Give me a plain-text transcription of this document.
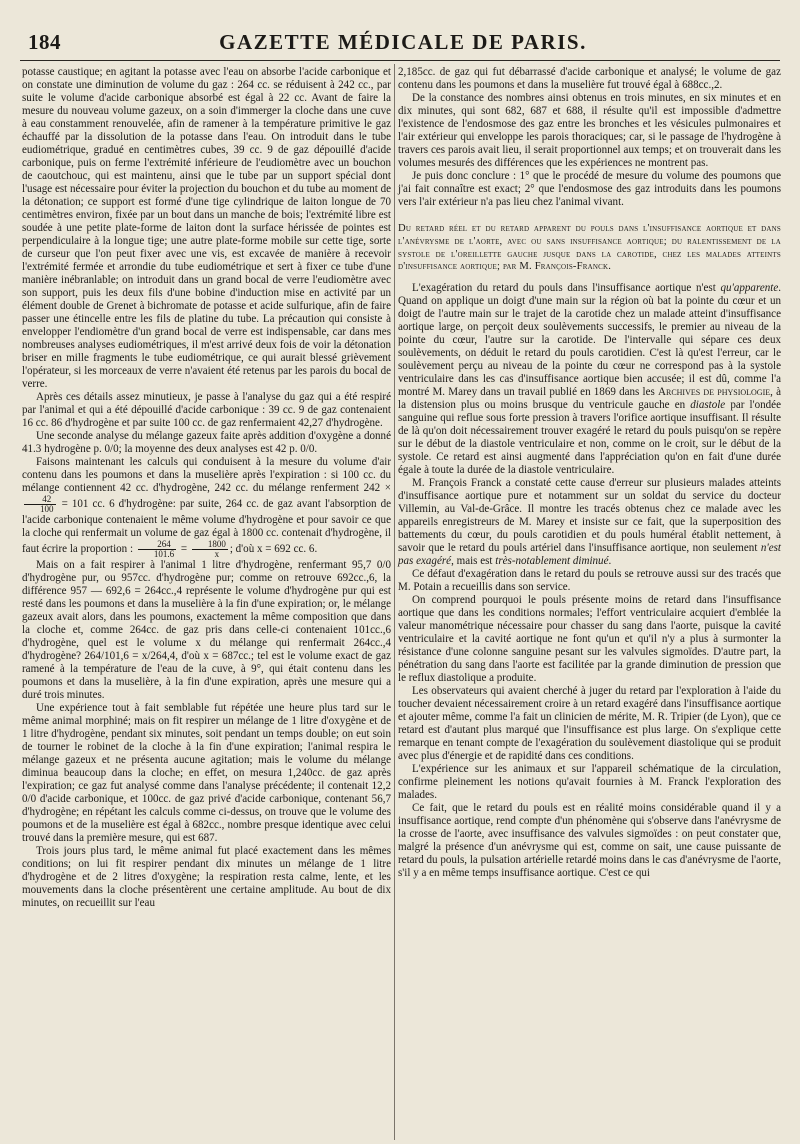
184	GAZETTE MÉDICALE DE PARIS.

potasse caustique; en agitant la potasse avec l'eau on absorbe l'acide carbonique et on constate une diminution de volume du gaz : 264 cc. se réduisent à 242 cc., par suite le volume d'acide carbonique absorbé est égal à 22 cc. Avant de faire la mesure du nouveau volume gazeux, on a soin d'immerger la cloche dans une cuve à eau constamment renouvelée, afin de ramener à la température primitive le gaz échauffé par la dissolution de la potasse dans l'eau. On introduit dans le tube eudiométrique, gradué en centimètres cubes, 39 cc. 9 de gaz dépouillé d'acide carbonique, puis on ferme l'extrémité inférieure de l'eudiomètre avec un bouchon de caoutchouc, qui est maintenu, ainsi que le tube par un support spécial dont l'usage est nécessaire pour éviter la projection du bouchon et du tube au moment de la détonation; ce support est formé d'une tige cylindrique de laiton longue de 70 centimètres environ, fixée par un bout dans un manche de bois; l'extrémité libre est soudée à une petite plate-forme de laiton dont la surface hérissée de pointes est perpendiculaire à la longue tige; une autre plate-forme mobile sur cette tige, sorte de curseur que l'on peut fixer avec une vis, est excavée de manière à recevoir l'extrémité fermée et arrondie du tube eudiométrique et sert à fixer ce tube d'une manière inébranlable; on introduit dans un grand bocal de verre l'eudiomètre avec son support, puis les deux fils d'une bobine d'induction mise en activité par un élément double de Grenet à bichromate de potasse et acide sulfurique, afin de faire passer une étincelle entre les fils de platine du tube. La précaution qui consiste à envelopper l'endiomètre d'un grand bocal de verre est indispensable, car dans mes nombreuses analyses eudiométriques, il m'est arrivé deux fois de voir la détonation briser en mille fragments le tube eudiométrique, ce qui aurait blessé grièvement l'opérateur, si les morceaux de verre n'avaient été retenus par les parois du bocal de verre.

Après ces détails assez minutieux, je passe à l'analyse du gaz qui a été respiré par l'animal et qui a été dépouillé d'acide carbonique : 39 cc. 9 de gaz contenaient 16 cc. 86 d'hydrogène et par suite 100 cc. de gaz renfermaient 42,27 d'hydrogène.

Une seconde analyse du mélange gazeux faite après addition d'oxygène a donné 41.3 hydrogène p. 0/0; la moyenne des deux analyses est 42 p. 0/0.

Faisons maintenant les calculs qui conduisent à la mesure du volume d'air contenu dans les poumons et dans la muselière après l'expiration : si 100 cc. du mélange contiennent 42 cc. d'hydrogène, 242 cc. du mélange renferment 242 ×
$\frac{42}{100} = 101$ cc. 6 d'hydrogène: par suite, 264 cc. de gaz avant l'absorption de l'acide carbonique contenaient le même volume d'hydrogène et pour savoir ce que la cloche qui renfermait un volume de gaz égal à 1800 cc. contenait d'hydrogène, il faut écrire la proportion : $\frac{264}{101.6} = \frac{1800}{x}$ ; d'où x = 692 cc. 6.

Mais on a fait respirer à l'animal 1 litre d'hydrogène, renfermant 95,7 0/0 d'hydrogène pur, ou 957cc. d'hydrogène pur; comme on retrouve 692cc.,6, la différence 957 — 692,6 = 264cc.,4 représente le volume d'hydrogène pur qui est resté dans les poumons et dans la muselière à la fin d'une expiration; or, le mélange gazeux avait alors, dans les poumons, exactement la même composition que dans la cloche et, comme 264cc. de gaz pris dans celle-ci contenaient 101cc.,6 d'hydrogène, quel est le volume x du mélange qui renfermait 264cc.,4 d'hydrogène? 264/101,6 = x/264,4, d'où x = 687cc.; tel est le volume exact de gaz ramené à la température de l'eau de la cuve, à 9°, qui était contenu dans les poumons et dans la muselière, à la fin d'une expiration, après une mesure qui a duré trois minutes.

Une expérience tout à fait semblable fut répétée une heure plus tard sur le même animal morphiné; mais on fit respirer un mélange de 1 litre d'oxygène et de 1 litre d'hydrogène, pendant six minutes, soit pendant un temps double; on eut soin de tourner le robinet de la cloche à la fin d'une expiration; l'animal respira le mélange gazeux et ne présenta aucune agitation; mais le volume du mélange diminua beaucoup dans la cloche; en effet, on mesura 1,240cc. de gaz après l'expiration; ce gaz fut analysé comme dans l'analyse précédente; il contenait 12,2 0/0 d'acide carbonique, et 100cc. de gaz privé d'acide carbonique, contenant 56,7 d'hydrogène; en répétant les calculs comme ci-dessus, on trouve que le volume des poumons et de la muselière est égal à 682cc., nombre presque identique avec celui trouvé dans la première mesure, qui est 687.

Trois jours plus tard, le même animal fut placé exactement dans les mêmes conditions; on lui fit respirer pendant dix minutes un mélange de 1 litre d'hydrogène et de 2 litres d'oxygène; la respiration resta calme, lente, et les mouvements dans la cloche présentèrent une certaine amplitude. Au bout de dix minutes, on recueillit sur l'eau

2,185cc. de gaz qui fut débarrassé d'acide carbonique et analysé; le volume de gaz contenu dans les poumons et dans la muselière fut trouvé égal à 688cc.,2.

De la constance des nombres ainsi obtenus en trois minutes, en six minutes et en dix minutes, qui sont 682, 687 et 688, il résulte qu'il est impossible d'admettre l'existence de l'endosmose des gaz entre les bronches et les vésicules pulmonaires et l'air extérieur qui enveloppe les parois thoraciques; car, si le passage de l'hydrogène à travers ces parois avait lieu, il serait proportionnel aux temps; et on trouverait dans les volumes mesurés des différences que les expériences ne montrent pas.

Je puis donc conclure : 1° que le procédé de mesure du volume des poumons que j'ai fait connaître est exact; 2° que l'endosmose des gaz introduits dans les poumons vers l'air extérieur n'a pas lieu chez l'animal vivant.

Du retard réel et du retard apparent du pouls dans l'insuffisance aortique et dans l'anévrysme de l'aorte, avec ou sans insuffisance aortique; du ralentissement de la systole de l'oreillette gauche jusque dans la carotide, chez les malades atteints d'insuffisance aortique; par M. François-Franck.

L'exagération du retard du pouls dans l'insuffisance aortique n'est qu'apparente. Quand on applique un doigt d'une main sur la région où bat la pointe du cœur et un doigt de l'autre main sur le trajet de la carotide chez un malade atteint d'insuffisance aortique large, on perçoit deux soulèvements successifs, le premier au niveau de la pointe du cœur, l'autre sur la carotide. De l'intervalle qui sépare ces deux soulèvements, on déduit le retard du pouls carotidien. C'est là qu'est l'erreur, car le soulèvement perçu au niveau de la pointe du cœur ne correspond pas à la systole ventriculaire dans les cas d'insuffisance aortique bien accusée; il est dû, comme l'a montré M. Marey dans un travail publié en 1869 dans les Archives de physiologie, à la distension plus ou moins brusque du ventricule gauche en diastole par l'ondée sanguine qui reflue sous forte pression à travers l'orifice aortique insuffisant. Il résulte de là qu'on doit nécessairement trouver exagéré le retard du pouls puisqu'on se repère sur le début de la diastole ventriculaire et non, comme on le croit, sur le début de la systole. Ce retard est ainsi augmenté dans l'appréciation qu'on en fait d'une durée égale à toute la durée de la diastole ventriculaire.

M. François Franck a constaté cette cause d'erreur sur plusieurs malades atteints d'insuffisance aortique pure et notamment sur un soldat du service du docteur Villemin, au Val-de-Grâce. Il montre les tracés obtenus chez ce malade avec les appareils enregistreurs de M. Marey et insiste sur ce fait, que la superposition des battements du cœur, du pouls carotidien et du pouls huméral établit nettement, à savoir que le retard du pouls artériel dans l'insuffisance aortique, non seulement n'est pas exagéré, mais est très-notablement diminué.

Ce défaut d'exagération dans le retard du pouls se retrouve aussi sur des tracés que M. Potain a recueillis dans son service.

On comprend pourquoi le pouls présente moins de retard dans l'insuffisance aortique que dans les conditions normales; l'effort ventriculaire acquiert d'emblée la valeur manométrique nécessaire pour chasser du sang dans l'aorte, puisque la cavité ventriculaire et la cavité aortique ne font qu'un et qu'il n'y a plus à surmonter la résistance d'une colonne sanguine pesant sur les valvules sigmoïdes. D'autre part, la pénétration du sang dans l'aorte est facilitée par la grande diminution de pression que le reflux diastolique a produite.

Les observateurs qui avaient cherché à juger du retard par l'exploration à l'aide du toucher devaient nécessairement croire à un retard exagéré dans l'insuffisance aortique et ajouter même, comme l'a fait un clinicien de mérite, M. R. Tripier (de Lyon), que ce retard est d'autant plus marqué que l'insuffisance est plus large. On s'explique cette remarque en tenant compte de l'exagération du soulèvement diastolique qui se produit avec plus d'énergie et de rapidité dans ces conditions.

L'expérience sur les animaux et sur l'appareil schématique de la circulation, confirme pleinement les notions qu'avait fournies à M. Franck l'exploration des malades.

Ce fait, que le retard du pouls est en réalité moins considérable quand il y a insuffisance aortique, rend compte d'un phénomène qui s'observe dans l'anévrysme de la crosse de l'aorte, avec insuffisance des valvules sigmoïdes : on peut constater que, malgré la présence d'un anévrysme qui est, comme on sait, une cause puissante de retard du pouls, la pulsation artérielle retardé moins dans le cas d'anévrysme de l'aorte, s'il y a en même temps insuffisance aortique. C'est ce qui
